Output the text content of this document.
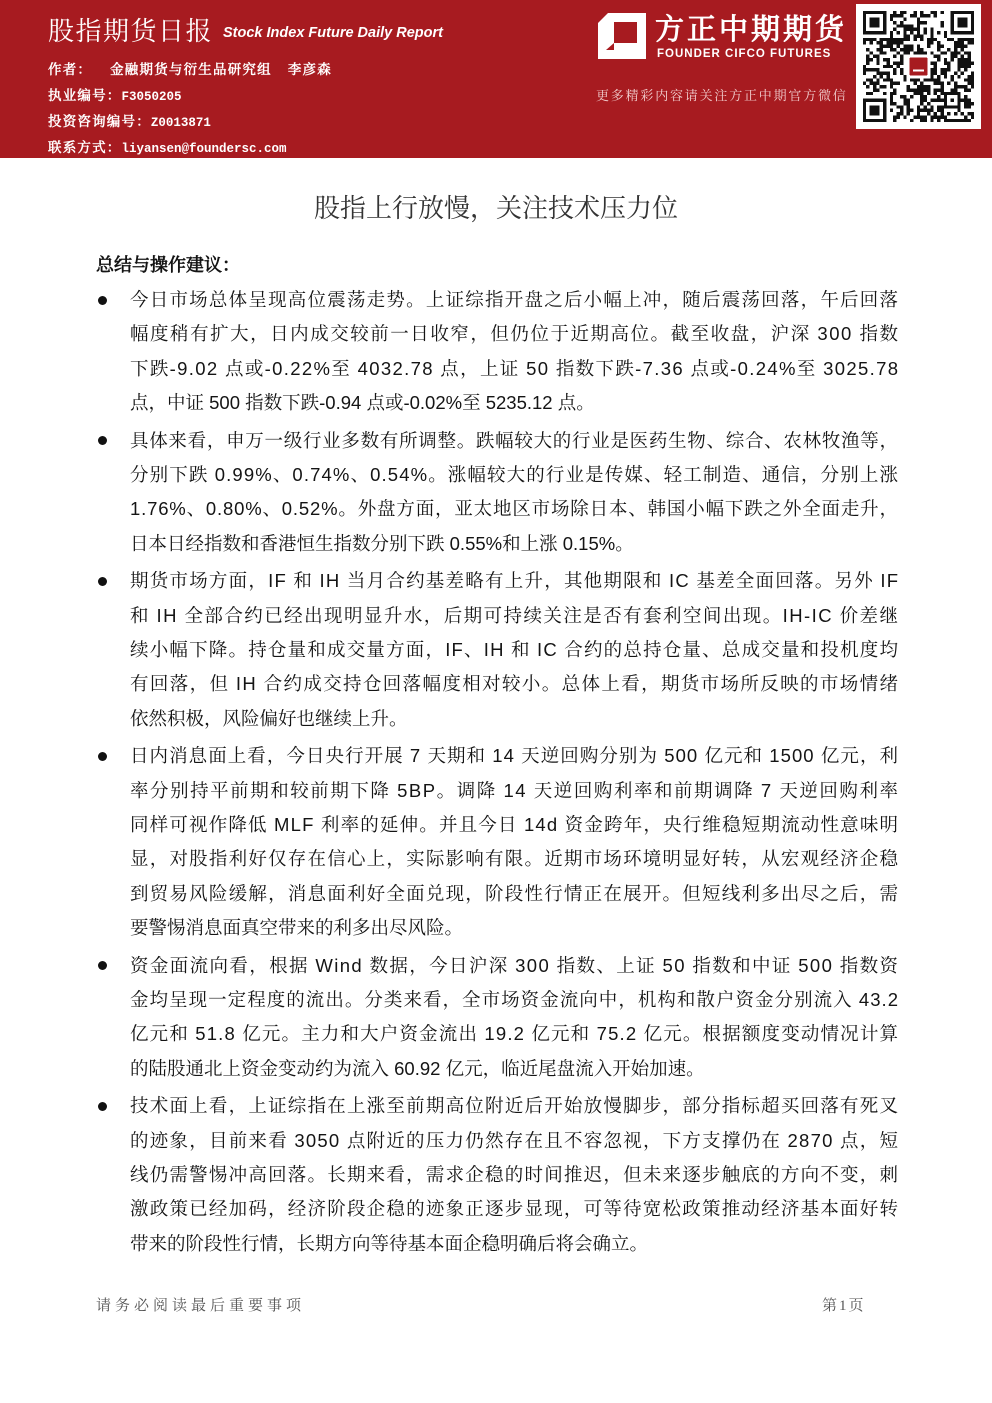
股指期货日报 Stock Index Future Daily Report
作者： 金融期货与衍生品研究组 李彦森
执业编号： F3050205
投资咨询编号： Z0013871
联系方式： liyansen@foundersc.com
方正中期期货
FOUNDER CIFCO FUTURES
更多精彩内容请关注方正中期官方微信
股指上行放慢，关注技术压力位
总结与操作建议：
今日市场总体呈现高位震荡走势。上证综指开盘之后小幅上冲，随后震荡回落，午后回落
幅度稍有扩大，日内成交较前一日收窄，但仍位于近期高位。截至收盘，沪深 300 指数
下跌-9.02 点或-0.22%至 4032.78 点，上证 50 指数下跌-7.36 点或-0.24%至 3025.78
点，中证 500 指数下跌-0.94 点或-0.02%至 5235.12 点。
具体来看，申万一级行业多数有所调整。跌幅较大的行业是医药生物、综合、农林牧渔等，
分别下跌 0.99%、0.74%、0.54%。涨幅较大的行业是传媒、轻工制造、通信，分别上涨
1.76%、0.80%、0.52%。外盘方面，亚太地区市场除日本、韩国小幅下跌之外全面走升，
日本日经指数和香港恒生指数分别下跌 0.55%和上涨 0.15%。
期货市场方面，IF 和 IH 当月合约基差略有上升，其他期限和 IC 基差全面回落。另外 IF
和 IH 全部合约已经出现明显升水，后期可持续关注是否有套利空间出现。IH-IC 价差继
续小幅下降。持仓量和成交量方面，IF、IH 和 IC 合约的总持仓量、总成交量和投机度均
有回落，但 IH 合约成交持仓回落幅度相对较小。总体上看，期货市场所反映的市场情绪
依然积极，风险偏好也继续上升。
日内消息面上看，今日央行开展 7 天期和 14 天逆回购分别为 500 亿元和 1500 亿元，利
率分别持平前期和较前期下降 5BP。调降 14 天逆回购利率和前期调降 7 天逆回购利率
同样可视作降低 MLF 利率的延伸。并且今日 14d 资金跨年，央行维稳短期流动性意味明
显，对股指利好仅存在信心上，实际影响有限。近期市场环境明显好转，从宏观经济企稳
到贸易风险缓解，消息面利好全面兑现，阶段性行情正在展开。但短线利多出尽之后，需
要警惕消息面真空带来的利多出尽风险。
资金面流向看，根据 Wind 数据，今日沪深 300 指数、上证 50 指数和中证 500 指数资
金均呈现一定程度的流出。分类来看，全市场资金流向中，机构和散户资金分别流入 43.2
亿元和 51.8 亿元。主力和大户资金流出 19.2 亿元和 75.2 亿元。根据额度变动情况计算
的陆股通北上资金变动约为流入 60.92 亿元，临近尾盘流入开始加速。
技术面上看，上证综指在上涨至前期高位附近后开始放慢脚步，部分指标超买回落有死叉
的迹象，目前来看 3050 点附近的压力仍然存在且不容忽视，下方支撑仍在 2870 点，短
线仍需警惕冲高回落。长期来看，需求企稳的时间推迟，但未来逐步触底的方向不变，刺
激政策已经加码，经济阶段企稳的迹象正逐步显现，可等待宽松政策推动经济基本面好转
带来的阶段性行情，长期方向等待基本面企稳明确后将会确立。
请务必阅读最后重要事项	第1页
